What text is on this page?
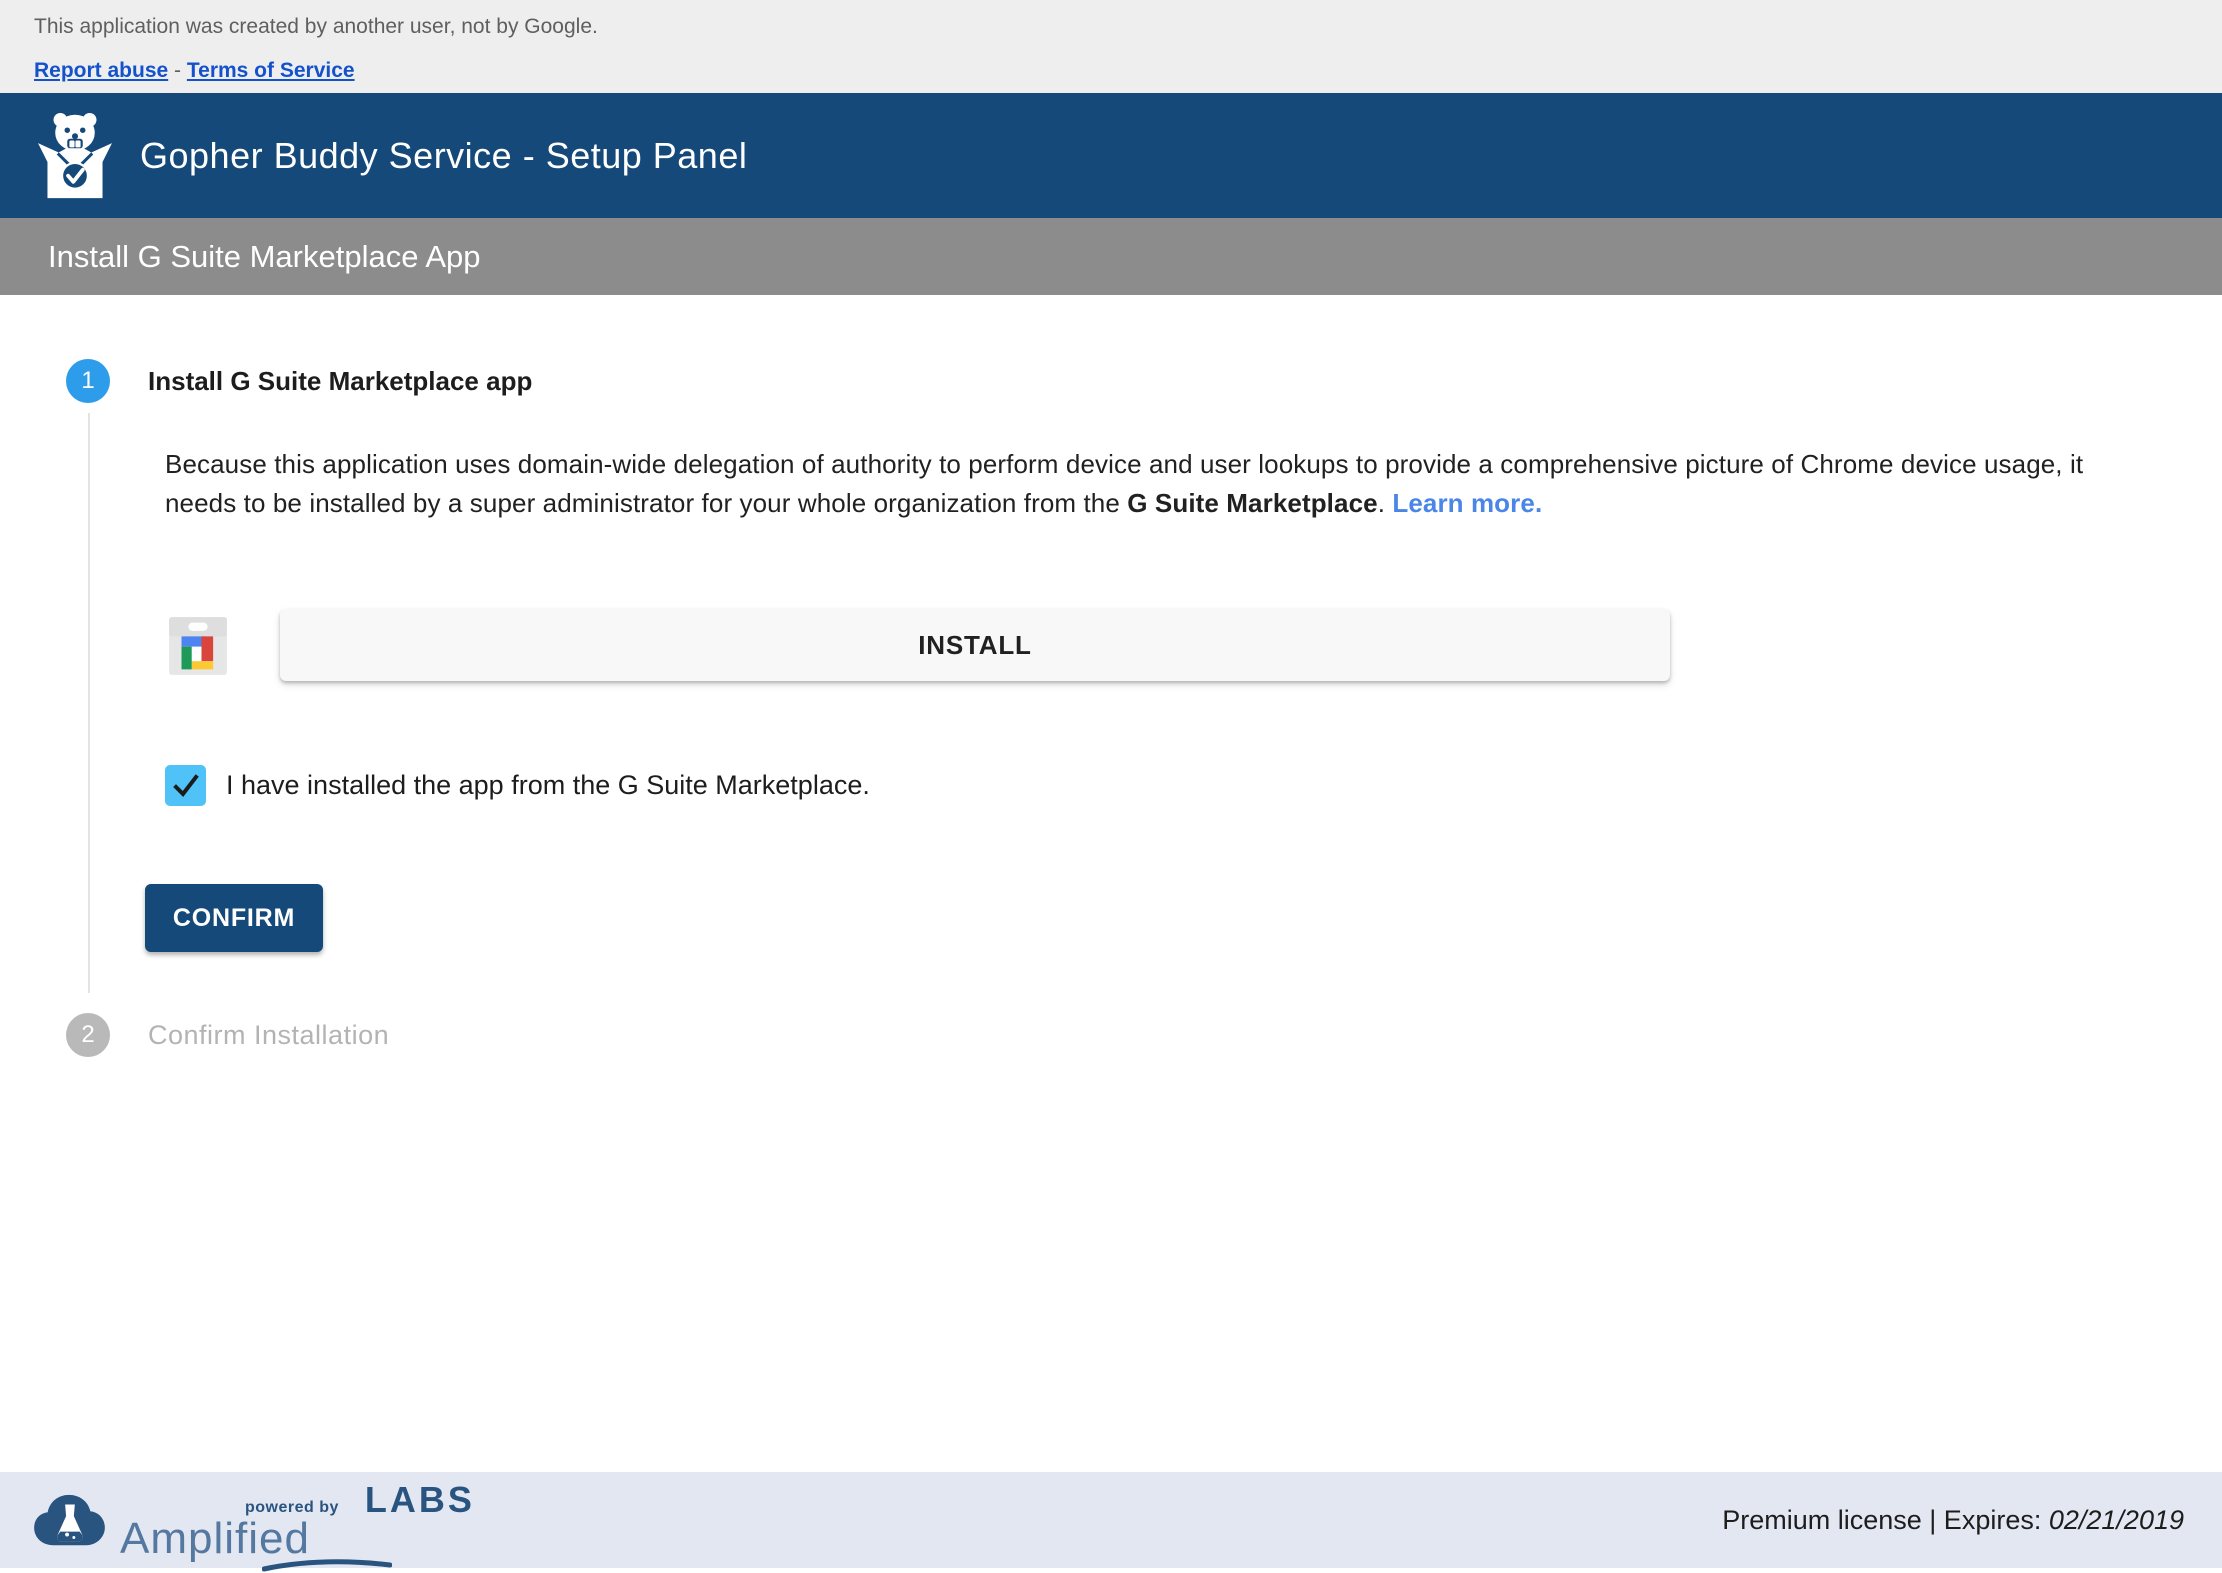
This application was created by another user, not by Google.
Report abuse - Terms of Service
Gopher Buddy Service - Setup Panel
Install G Suite Marketplace App
1	Install G Suite Marketplace app
Because this application uses domain-wide delegation of authority to perform device and user lookups to provide a comprehensive picture of Chrome device usage, it needs to be installed by a super administrator for your whole organization from the G Suite Marketplace. Learn more.
INSTALL
I have installed the app from the G Suite Marketplace.
CONFIRM
2	Confirm Installation
powered by
Amplified
LABS	Premium license | Expires: 02/21/2019
